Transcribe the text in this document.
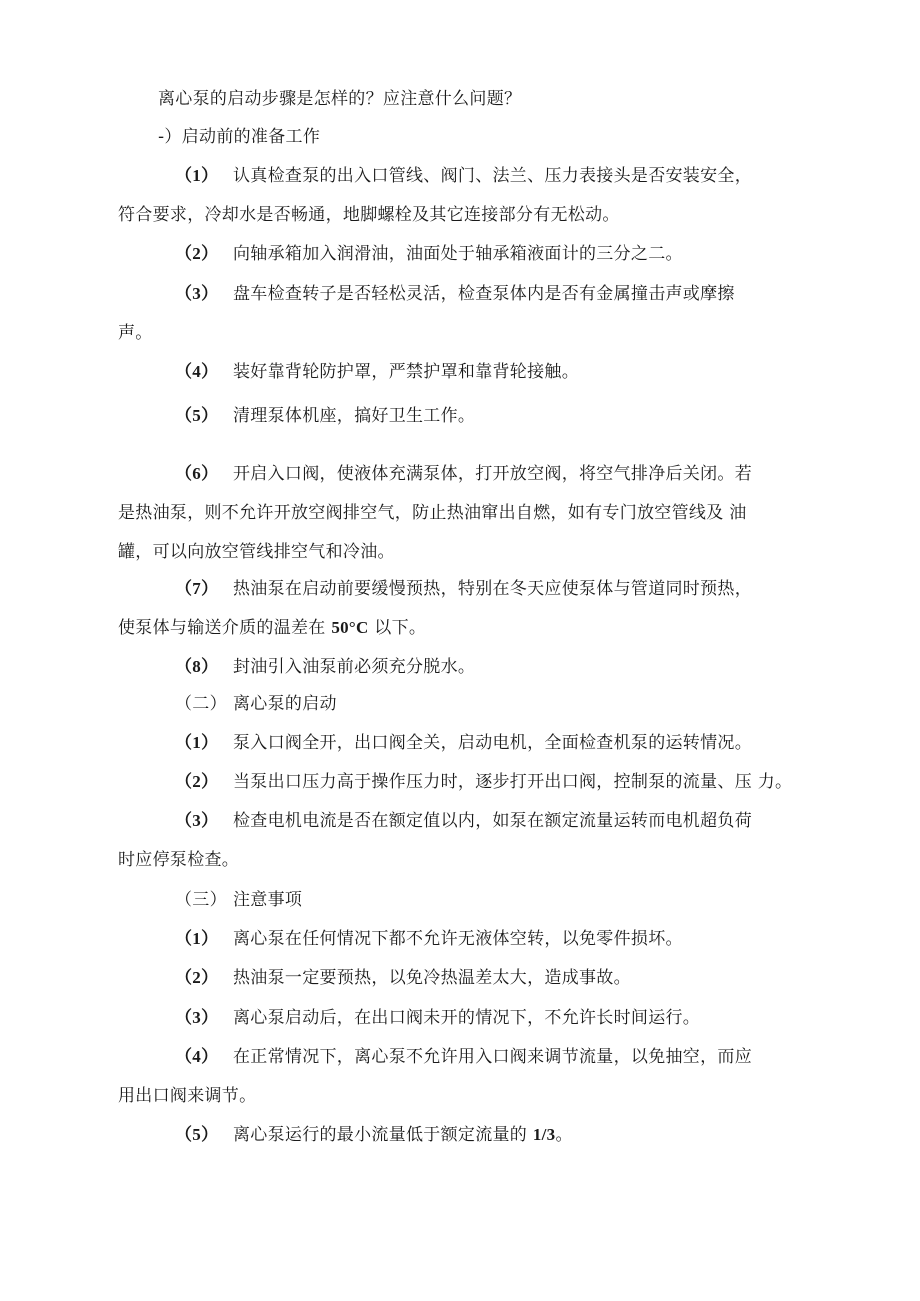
离心泵的启动步骤是怎样的？应注意什么问题？
-）启动前的准备工作
（1） 认真检查泵的出入口管线、阀门、法兰、压力表接头是否安装安全，
符合要求，冷却水是否畅通，地脚螺栓及其它连接部分有无松动。
（2） 向轴承箱加入润滑油，油面处于轴承箱液面计的三分之二。
（3） 盘车检查转子是否轻松灵活，检查泵体内是否有金属撞击声或摩擦
声。
（4） 装好靠背轮防护罩，严禁护罩和靠背轮接触。
（5） 清理泵体机座，搞好卫生工作。
（6） 开启入口阀，使液体充满泵体，打开放空阀，将空气排净后关闭。若
是热油泵，则不允许开放空阀排空气，防止热油窜出自燃，如有专门放空管线及 油
罐，可以向放空管线排空气和冷油。
（7） 热油泵在启动前要缓慢预热，特别在冬天应使泵体与管道同时预热，
使泵体与输送介质的温差在 50°C 以下。
（8） 封油引入油泵前必须充分脱水。
（二） 离心泵的启动
（1） 泵入口阀全开，出口阀全关，启动电机，全面检查机泵的运转情况。
（2） 当泵出口压力高于操作压力时，逐步打开出口阀，控制泵的流量、压 力。
（3） 检查电机电流是否在额定值以内，如泵在额定流量运转而电机超负荷
时应停泵检查。
（三） 注意事项
（1） 离心泵在任何情况下都不允许无液体空转，以免零件损坏。
（2） 热油泵一定要预热，以免冷热温差太大，造成事故。
（3） 离心泵启动后，在出口阀未开的情况下，不允许长时间运行。
（4） 在正常情况下，离心泵不允许用入口阀来调节流量，以免抽空，而应
用出口阀来调节。
（5） 离心泵运行的最小流量低于额定流量的 1/3。
